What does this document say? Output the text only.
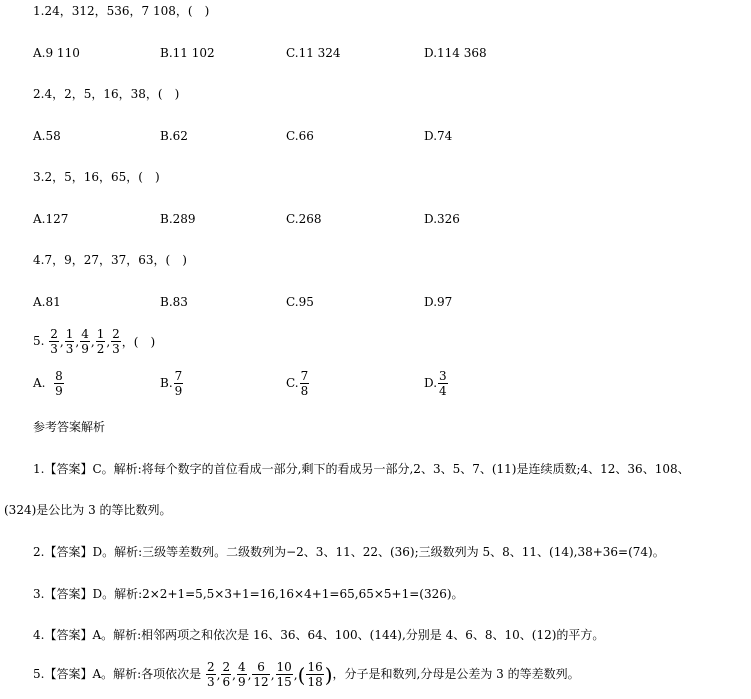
1.24，312，536，7 108，(　)
A.9 110	B.11 102	C.11 324	D.114 368
2.4，2，5，16，38，(　)
A.58	B.62	C.66	D.74
3.2，5，16，65，(　)
A.127	B.289	C.268	D.326
4.7，9，27，37，63，(　)
A.81	B.83	C.95	D.97
5. $\frac{2}{3}$ , $\frac{1}{3}$ , $\frac{4}{9}$ , $\frac{1}{2}$ , $\frac{2}{3}$ ，(　)
A. $\frac{8}{9}$	B. $\frac{7}{9}$	C. $\frac{7}{8}$	D. $\frac{3}{4}$
参考答案解析
1.【答案】C。解析:将每个数字的首位看成一部分,剩下的看成另一部分,2、3、5、7、(11)是连续质数;4、12、36、108、
(324)是公比为 3 的等比数列。
2.【答案】D。解析:三级等差数列。二级数列为−2、3、11、22、(36);三级数列为 5、8、11、(14),38+36=(74)。
3.【答案】D。解析:2×2+1=5,5×3+1=16,16×4+1=65,65×5+1=(326)。
4.【答案】A。解析:相邻两项之和依次是 16、36、64、100、(144),分别是 4、6、8、10、(12)的平方。
5.【答案】A。解析:各项依次是 $\frac{2}{3}$ , $\frac{2}{6}$ , $\frac{4}{9}$ , $\frac{6}{12}$ , $\frac{10}{15}$ ,( $\frac{16}{18}$ )，分子是和数列,分母是公差为 3 的等差数列。
